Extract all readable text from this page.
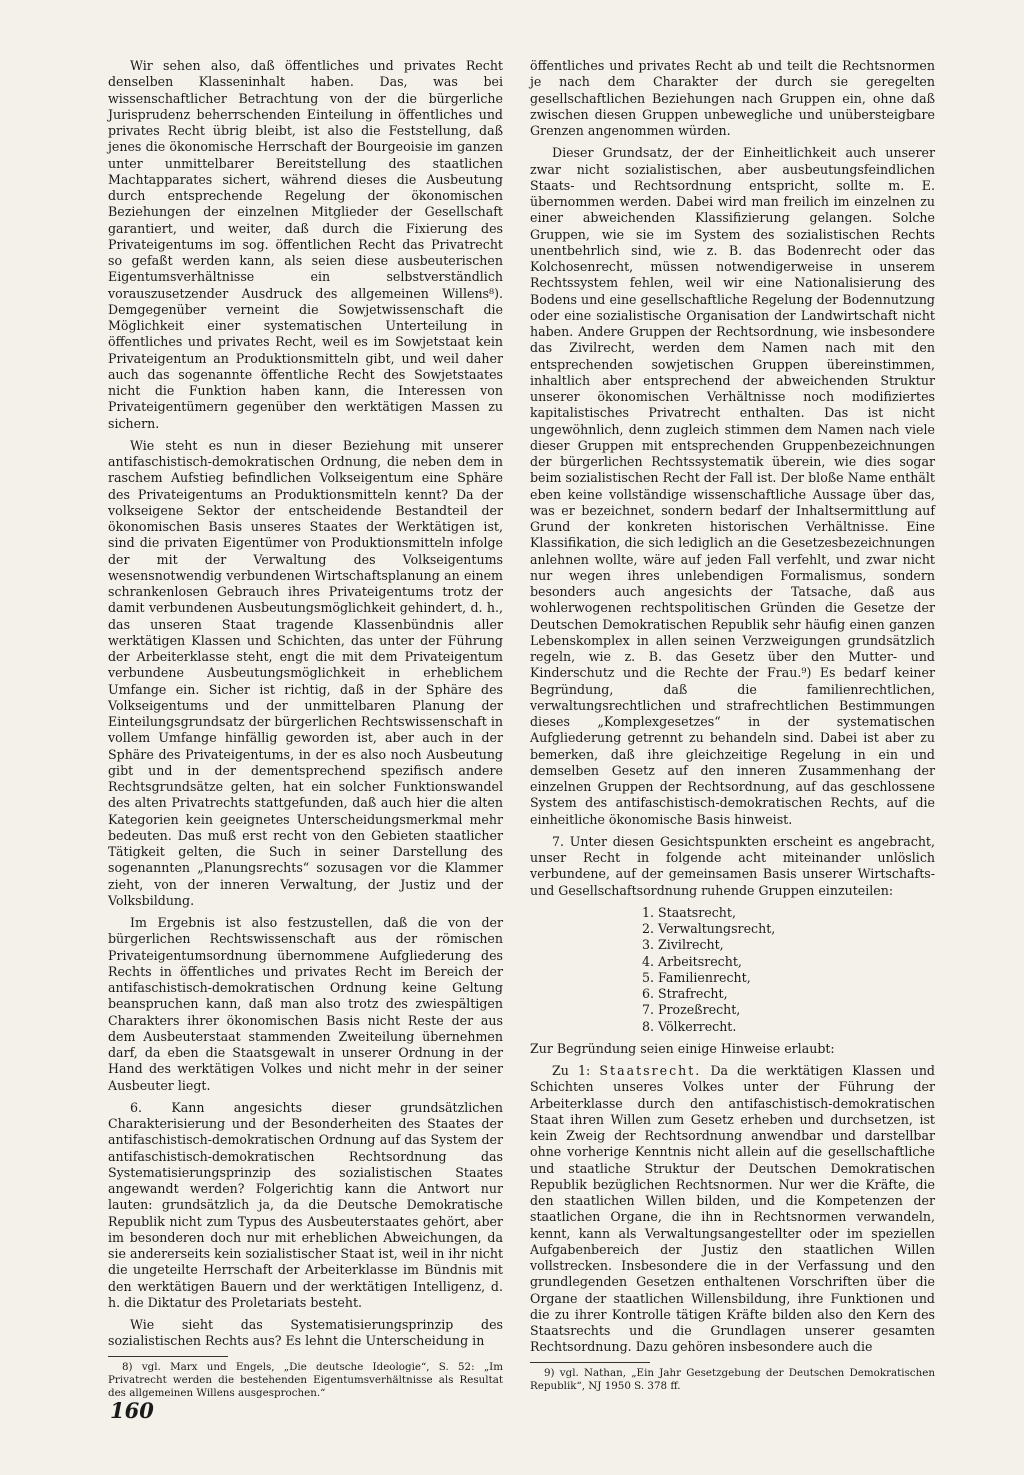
Wir sehen also, daß öffentliches und privates Recht denselben Klasseninhalt haben. Das, was bei wissenschaftlicher Betrachtung von der die bürgerliche Jurisprudenz beherrschenden Einteilung in öffentliches und privates Recht übrig bleibt, ist also die Feststellung, daß jenes die ökonomische Herrschaft der Bourgeoisie im ganzen unter unmittelbarer Bereitstellung des staatlichen Machtapparates sichert, während dieses die Ausbeutung durch entsprechende Regelung der ökonomischen Beziehungen der einzelnen Mitglieder der Gesellschaft garantiert, und weiter, daß durch die Fixierung des Privateigentums im sog. öffentlichen Recht das Privatrecht so gefaßt werden kann, als seien diese ausbeuterischen Eigentumsverhältnisse ein selbstverständlich vorauszusetzender Ausdruck des allgemeinen Willens⁸). Demgegenüber verneint die Sowjetwissenschaft die Möglichkeit einer systematischen Unterteilung in öffentliches und privates Recht, weil es im Sowjetstaat kein Privateigentum an Produktionsmitteln gibt, und weil daher auch das sogenannte öffentliche Recht des Sowjetstaates nicht die Funktion haben kann, die Interessen von Privateigentümern gegenüber den werktätigen Massen zu sichern.

Wie steht es nun in dieser Beziehung mit unserer antifaschistisch-demokratischen Ordnung, die neben dem in raschem Aufstieg befindlichen Volkseigentum eine Sphäre des Privateigentums an Produktionsmitteln kennt? Da der volkseigene Sektor der entscheidende Bestandteil der ökonomischen Basis unseres Staates der Werktätigen ist, sind die privaten Eigentümer von Produktionsmitteln infolge der mit der Verwaltung des Volkseigentums wesensnotwendig verbundenen Wirtschaftsplanung an einem schrankenlosen Gebrauch ihres Privateigentums trotz der damit verbundenen Ausbeutungsmöglichkeit gehindert, d. h., das unseren Staat tragende Klassenbündnis aller werktätigen Klassen und Schichten, das unter der Führung der Arbeiterklasse steht, engt die mit dem Privateigentum verbundene Ausbeutungsmöglichkeit in erheblichem Umfange ein. Sicher ist richtig, daß in der Sphäre des Volkseigentums und der unmittelbaren Planung der Einteilungsgrundsatz der bürgerlichen Rechtswissenschaft in vollem Umfange hinfällig geworden ist, aber auch in der Sphäre des Privateigentums, in der es also noch Ausbeutung gibt und in der dementsprechend spezifisch andere Rechtsgrundsätze gelten, hat ein solcher Funktionswandel des alten Privatrechts stattgefunden, daß auch hier die alten Kategorien kein geeignetes Unterscheidungsmerkmal mehr bedeuten. Das muß erst recht von den Gebieten staatlicher Tätigkeit gelten, die Such in seiner Darstellung des sogenannten „Planungsrechts“ sozusagen vor die Klammer zieht, von der inneren Verwaltung, der Justiz und der Volksbildung.

Im Ergebnis ist also festzustellen, daß die von der bürgerlichen Rechtswissenschaft aus der römischen Privateigentumsordnung übernommene Aufgliederung des Rechts in öffentliches und privates Recht im Bereich der antifaschistisch-demokratischen Ordnung keine Geltung beanspruchen kann, daß man also trotz des zwiespältigen Charakters ihrer ökonomischen Basis nicht Reste der aus dem Ausbeuterstaat stammenden Zweiteilung übernehmen darf, da eben die Staatsgewalt in unserer Ordnung in der Hand des werktätigen Volkes und nicht mehr in der seiner Ausbeuter liegt.

6. Kann angesichts dieser grundsätzlichen Charakterisierung und der Besonderheiten des Staates der antifaschistisch-demokratischen Ordnung auf das System der antifaschistisch-demokratischen Rechtsordnung das Systematisierungsprinzip des sozialistischen Staates angewandt werden? Folgerichtig kann die Antwort nur lauten: grundsätzlich ja, da die Deutsche Demokratische Republik nicht zum Typus des Ausbeuterstaates gehört, aber im besonderen doch nur mit erheblichen Abweichungen, da sie andererseits kein sozialistischer Staat ist, weil in ihr nicht die ungeteilte Herrschaft der Arbeiterklasse im Bündnis mit den werktätigen Bauern und der werktätigen Intelligenz, d. h. die Diktatur des Proletariats besteht.

Wie sieht das Systematisierungsprinzip des sozialistischen Rechts aus? Es lehnt die Unterscheidung in

8) vgl. Marx und Engels, „Die deutsche Ideologie“, S. 52: „Im Privatrecht werden die bestehenden Eigentumsverhältnisse als Resultat des allgemeinen Willens ausgesprochen.“

öffentliches und privates Recht ab und teilt die Rechtsnormen je nach dem Charakter der durch sie geregelten gesellschaftlichen Beziehungen nach Gruppen ein, ohne daß zwischen diesen Gruppen unbewegliche und unübersteigbare Grenzen angenommen würden.

Dieser Grundsatz, der der Einheitlichkeit auch unserer zwar nicht sozialistischen, aber ausbeutungsfeindlichen Staats- und Rechtsordnung entspricht, sollte m. E. übernommen werden. Dabei wird man freilich im einzelnen zu einer abweichenden Klassifizierung gelangen. Solche Gruppen, wie sie im System des sozialistischen Rechts unentbehrlich sind, wie z. B. das Bodenrecht oder das Kolchosenrecht, müssen notwendigerweise in unserem Rechtssystem fehlen, weil wir eine Nationalisierung des Bodens und eine gesellschaftliche Regelung der Bodennutzung oder eine sozialistische Organisation der Landwirtschaft nicht haben. Andere Gruppen der Rechtsordnung, wie insbesondere das Zivilrecht, werden dem Namen nach mit den entsprechenden sowjetischen Gruppen übereinstimmen, inhaltlich aber entsprechend der abweichenden Struktur unserer ökonomischen Verhältnisse noch modifiziertes kapitalistisches Privatrecht enthalten. Das ist nicht ungewöhnlich, denn zugleich stimmen dem Namen nach viele dieser Gruppen mit entsprechenden Gruppenbezeichnungen der bürgerlichen Rechtssystematik überein, wie dies sogar beim sozialistischen Recht der Fall ist. Der bloße Name enthält eben keine vollständige wissenschaftliche Aussage über das, was er bezeichnet, sondern bedarf der Inhaltsermittlung auf Grund der konkreten historischen Verhältnisse. Eine Klassifikation, die sich lediglich an die Gesetzesbezeichnungen anlehnen wollte, wäre auf jeden Fall verfehlt, und zwar nicht nur wegen ihres unlebendigen Formalismus, sondern besonders auch angesichts der Tatsache, daß aus wohlerwogenen rechtspolitischen Gründen die Gesetze der Deutschen Demokratischen Republik sehr häufig einen ganzen Lebenskomplex in allen seinen Verzweigungen grundsätzlich regeln, wie z. B. das Gesetz über den Mutter- und Kinderschutz und die Rechte der Frau.⁹) Es bedarf keiner Begründung, daß die familienrechtlichen, verwaltungsrechtlichen und strafrechtlichen Bestimmungen dieses „Komplexgesetzes“ in der systematischen Aufgliederung getrennt zu behandeln sind. Dabei ist aber zu bemerken, daß ihre gleichzeitige Regelung in ein und demselben Gesetz auf den inneren Zusammenhang der einzelnen Gruppen der Rechtsordnung, auf das geschlossene System des antifaschistisch-demokratischen Rechts, auf die einheitliche ökonomische Basis hinweist.

7. Unter diesen Gesichtspunkten erscheint es angebracht, unser Recht in folgende acht miteinander unlöslich verbundene, auf der gemeinsamen Basis unserer Wirtschafts- und Gesellschaftsordnung ruhende Gruppen einzuteilen:

1. Staatsrecht,
2. Verwaltungsrecht,
3. Zivilrecht,
4. Arbeitsrecht,
5. Familienrecht,
6. Strafrecht,
7. Prozeßrecht,
8. Völkerrecht.

Zur Begründung seien einige Hinweise erlaubt:

Zu 1: Staatsrecht. Da die werktätigen Klassen und Schichten unseres Volkes unter der Führung der Arbeiterklasse durch den antifaschistisch-demokratischen Staat ihren Willen zum Gesetz erheben und durchsetzen, ist kein Zweig der Rechtsordnung anwendbar und darstellbar ohne vorherige Kenntnis nicht allein auf die gesellschaftliche und staatliche Struktur der Deutschen Demokratischen Republik bezüglichen Rechtsnormen. Nur wer die Kräfte, die den staatlichen Willen bilden, und die Kompetenzen der staatlichen Organe, die ihn in Rechtsnormen verwandeln, kennt, kann als Verwaltungsangestellter oder im speziellen Aufgabenbereich der Justiz den staatlichen Willen vollstrecken. Insbesondere die in der Verfassung und den grundlegenden Gesetzen enthaltenen Vorschriften über die Organe der staatlichen Willensbildung, ihre Funktionen und die zu ihrer Kontrolle tätigen Kräfte bilden also den Kern des Staatsrechts und die Grundlagen unserer gesamten Rechtsordnung. Dazu gehören insbesondere auch die

9) vgl. Nathan, „Ein Jahr Gesetzgebung der Deutschen Demokratischen Republik“, NJ 1950 S. 378 ff.

160
